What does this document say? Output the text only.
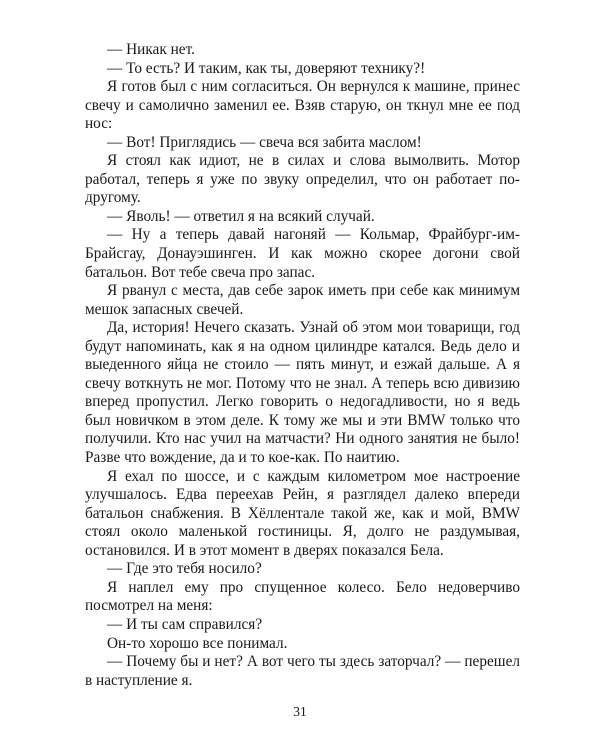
— Никак нет.

— То есть? И таким, как ты, доверяют технику?!

Я готов был с ним согласиться. Он вернулся к машине, принес свечу и самолично заменил ее. Взяв старую, он ткнул мне ее под нос:

— Вот! Приглядись — свеча вся забита маслом!

Я стоял как идиот, не в силах и слова вымолвить. Мотор работал, теперь я уже по звуку определил, что он работает по-другому.

— Яволь! — ответил я на всякий случай.

— Ну а теперь давай нагоняй — Кольмар, Фрайбург-им-Брайсгау, Донауэшинген. И как можно скорее догони свой батальон. Вот тебе свеча про запас.

Я рванул с места, дав себе зарок иметь при себе как минимум мешок запасных свечей.

Да, история! Нечего сказать. Узнай об этом мои товарищи, год будут напоминать, как я на одном цилиндре катался. Ведь дело и выеденного яйца не стоило — пять минут, и езжай дальше. А я свечу воткнуть не мог. Потому что не знал. А теперь всю дивизию вперед пропустил. Легко говорить о недогадливости, но я ведь был новичком в этом деле. К тому же мы и эти BMW только что получили. Кто нас учил на матчасти? Ни одного занятия не было! Разве что вождение, да и то кое-как. По наитию.

Я ехал по шоссе, и с каждым километром мое настроение улучшалось. Едва переехав Рейн, я разглядел далеко впереди батальон снабжения. В Хёллентале такой же, как и мой, BMW стоял около маленькой гостиницы. Я, долго не раздумывая, остановился. И в этот момент в дверях показался Бела.

— Где это тебя носило?

Я наплел ему про спущенное колесо. Бело недоверчиво посмотрел на меня:

— И ты сам справился?

Он-то хорошо все понимал.

— Почему бы и нет? А вот чего ты здесь заторчал? — перешел в наступление я.

31
